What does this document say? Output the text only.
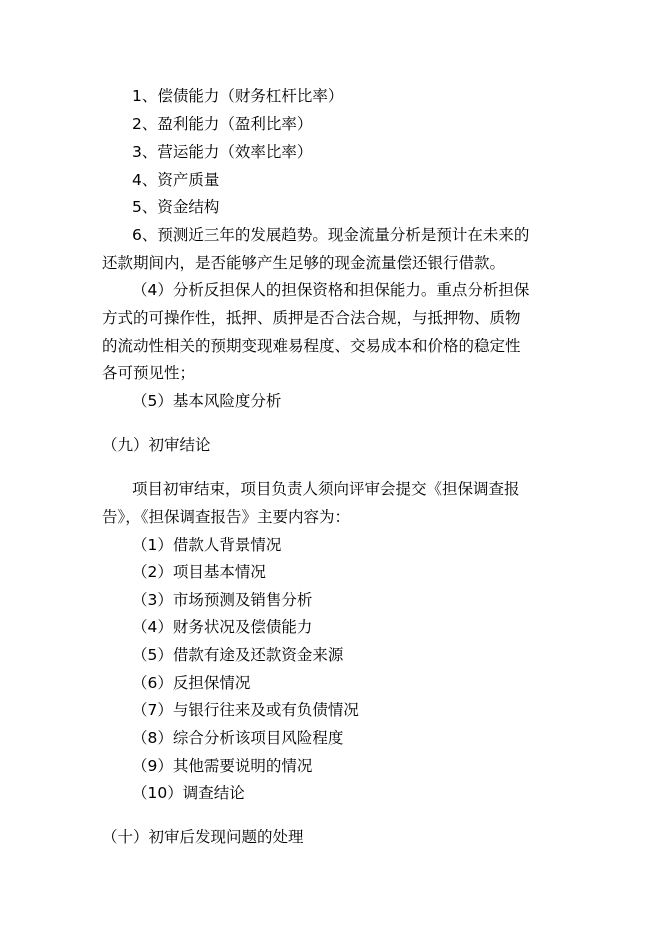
1、偿债能力（财务杠杆比率）
2、盈利能力（盈利比率）
3、营运能力（效率比率）
4、资产质量
5、资金结构
6、预测近三年的发展趋势。现金流量分析是预计在未来的
还款期间内，是否能够产生足够的现金流量偿还银行借款。
（4）分析反担保人的担保资格和担保能力。重点分析担保
方式的可操作性，抵押、质押是否合法合规，与抵押物、质物
的流动性相关的预期变现难易程度、交易成本和价格的稳定性
各可预见性；
（5）基本风险度分析
（九）初审结论
项目初审结束，项目负责人须向评审会提交《担保调查报
告》，《担保调查报告》主要内容为：
（1）借款人背景情况
（2）项目基本情况
（3）市场预测及销售分析
（4）财务状况及偿债能力
（5）借款有途及还款资金来源
（6）反担保情况
（7）与银行往来及或有负债情况
（8）综合分析该项目风险程度
（9）其他需要说明的情况
（10）调查结论
（十）初审后发现问题的处理
